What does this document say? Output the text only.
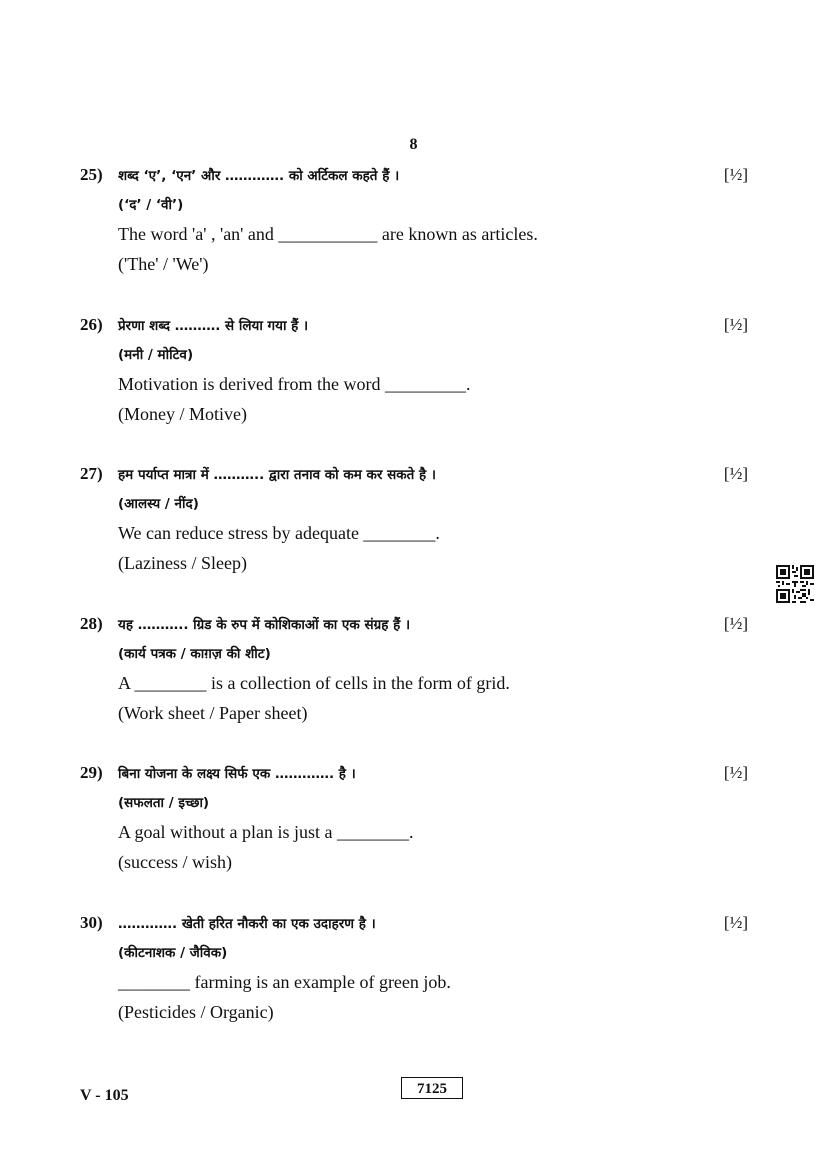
8
25) शब्द ‘ए’, ‘एन’ और …………. को अर्टिकल कहते हैं ।	[½]
(‘द’ / ‘वी’)
The word 'a' , 'an' and ___________ are known as articles.
('The' / 'We')
26) प्रेरणा शब्द ………. से लिया गया हैं ।	[½]
(मनी / मोटिव)
Motivation is derived from the word _________.
(Money / Motive)
27) हम पर्याप्त मात्रा में ……….. द्वारा तनाव को कम कर सकते है ।	[½]
(आलस्य / नींद)
We can reduce stress by adequate ________.
(Laziness / Sleep)
28) यह ……….. ग्रिड के रुप में कोशिकाओं का एक संग्रह हैं ।	[½]
(कार्य पत्रक / काग़ज़ की शीट)
A ________ is a collection of cells in the form of grid.
(Work sheet / Paper sheet)
29) बिना योजना के लक्ष्य सिर्फ एक …………. है ।	[½]
(सफलता / इच्छा)
A goal without a plan is just a ________.
(success / wish)
30) …………. खेती हरित नौकरी का एक उदाहरण है ।	[½]
(कीटनाशक / जैविक)
________ farming is an example of green job.
(Pesticides / Organic)
V - 105	7125
